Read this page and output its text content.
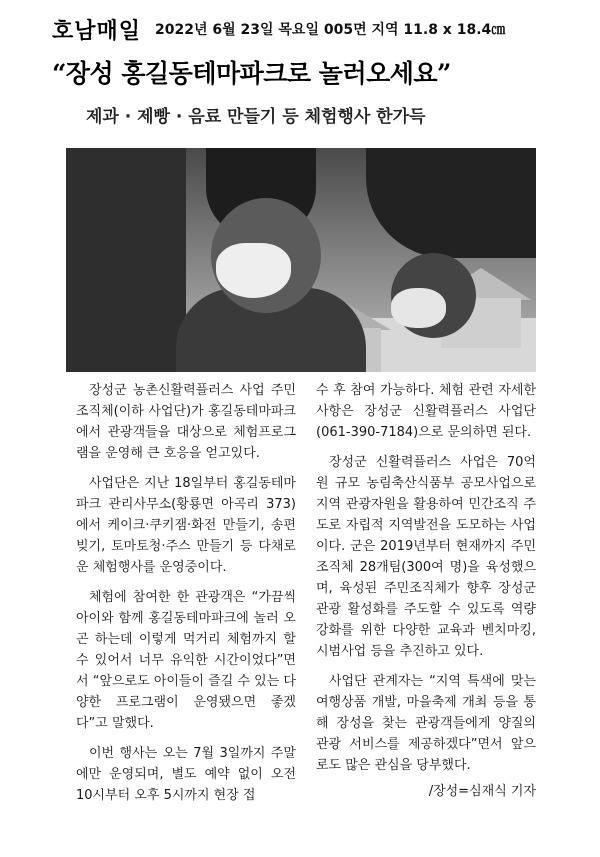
호남매일 2022년 6월 23일 목요일 005면 지역 11.8 x 18.4㎝
“장성 홍길동테마파크로 놀러오세요”
제과 · 제빵 · 음료 만들기 등 체험행사 한가득

장성군 농촌신활력플러스 사업 주민조직체(이하 사업단)가 홍길동테마파크에서 관광객들을 대상으로 체험프로그램을 운영해 큰 호응을 얻고있다.

사업단은 지난 18일부터 홍길동테마파크 관리사무소(황룡면 아곡리 373)에서 케이크·쿠키잼·화전 만들기, 송편 빚기, 토마토청·주스 만들기 등 다채로운 체험행사를 운영중이다.

체험에 참여한 한 관광객은 “가끔씩 아이와 함께 홍길동테마파크에 놀러 오곤 하는데 이렇게 먹거리 체험까지 할 수 있어서 너무 유익한 시간이었다”면서 “앞으로도 아이들이 즐길 수 있는 다양한 프로그램이 운영됐으면 좋겠다”고 말했다.

이번 행사는 오는 7월 3일까지 주말에만 운영되며, 별도 예약 없이 오전 10시부터 오후 5시까지 현장 접

수 후 참여 가능하다. 체험 관련 자세한 사항은 장성군 신활력플러스 사업단(061-390-7184)으로 문의하면 된다.

장성군 신활력플러스 사업은 70억 원 규모 농림축산식품부 공모사업으로 지역 관광자원을 활용하여 민간조직 주도로 자립적 지역발전을 도모하는 사업이다. 군은 2019년부터 현재까지 주민조직체 28개팀(300여 명)을 육성했으며, 육성된 주민조직체가 향후 장성군 관광 활성화를 주도할 수 있도록 역량 강화를 위한 다양한 교육과 벤치마킹, 시범사업 등을 추진하고 있다.

사업단 관계자는 “지역 특색에 맞는 여행상품 개발, 마을축제 개최 등을 통해 장성을 찾는 관광객들에게 양질의 관광 서비스를 제공하겠다”면서 앞으로도 많은 관심을 당부했다.

/장성=심재식 기자
